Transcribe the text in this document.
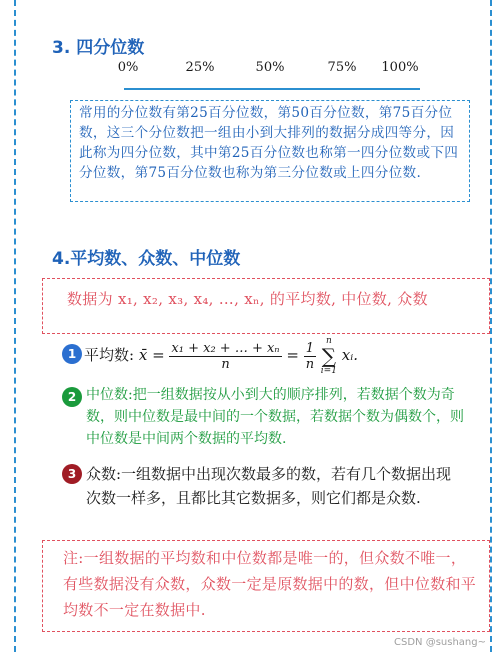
3. 四分位数
0%	25%	50%	75%	100%
常用的分位数有第25百分位数，第50百分位数，第75百分位数，这三个分位数把一组由小到大排列的数据分成四等分，因此称为四分位数，其中第25百分位数也称第一四分位数或下四分位数，第75百分位数也称为第三分位数或上四分位数.
4.平均数、众数、中位数
数据为 x₁, x₂, x₃, x₄, …, xₙ, 的平均数, 中位数, 众数
1 平均数: x̄ = $\frac{\text{x₁ + x₂ + … + xₙ}}{n} = \frac{1}{n}$
	n
∑
i=1
xᵢ.
2 中位数:把一组数据按从小到大的顺序排列，若数据个数为奇数，则中位数是最中间的一个数据，若数据个数为偶数个，则中位数是中间两个数据的平均数.
3 众数:一组数据中出现次数最多的数，若有几个数据出现次数一样多，且都比其它数据多，则它们都是众数.
注:一组数据的平均数和中位数都是唯一的，但众数不唯一，有些数据没有众数，众数一定是原数据中的数，但中位数和平均数不一定在数据中.
CSDN @sushang~
